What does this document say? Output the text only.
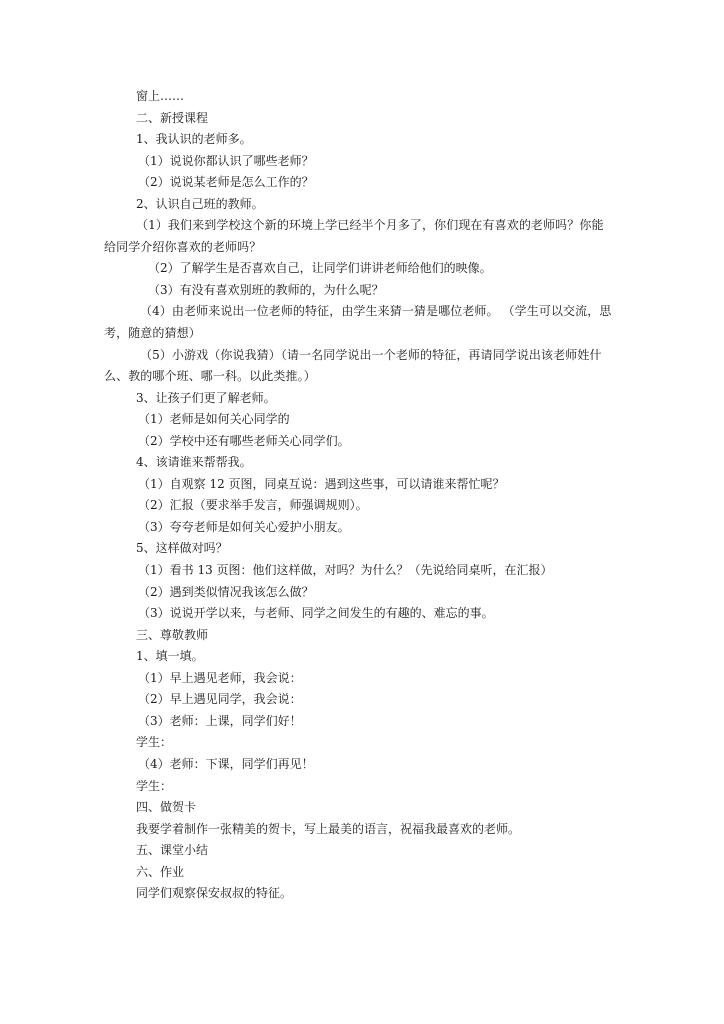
窗上……

二、新授课程

1、我认识的老师多。

（1）说说你都认识了哪些老师？

（2）说说某老师是怎么工作的？

2、认识自己班的教师。

（1）我们来到学校这个新的环境上学已经半个月多了，你们现在有喜欢的老师吗？你能给同学介绍你喜欢的老师吗？

（2）了解学生是否喜欢自己，让同学们讲讲老师给他们的映像。

（3）有没有喜欢别班的教师的，为什么呢？

（4）由老师来说出一位老师的特征，由学生来猜一猜是哪位老师。 （学生可以交流，思考，随意的猜想）

（5）小游戏（你说我猜）（请一名同学说出一个老师的特征，再请同学说出该老师姓什么、教的哪个班、哪一科。以此类推。）

3、让孩子们更了解老师。

（1）老师是如何关心同学的

（2）学校中还有哪些老师关心同学们。

4、该请谁来帮帮我。

（1）自观察 12 页图，同桌互说：遇到这些事，可以请谁来帮忙呢？

（2）汇报（要求举手发言，师强调规则）。

（3）夸夸老师是如何关心爱护小朋友。

5、这样做对吗？

（1）看书 13 页图：他们这样做，对吗？为什么？（先说给同桌听，在汇报）

（2）遇到类似情况我该怎么做？

（3）说说开学以来，与老师、同学之间发生的有趣的、难忘的事。

三、尊敬教师

1、填一填。

（1）早上遇见老师，我会说：

（2）早上遇见同学，我会说：

（3）老师：上课，同学们好！

学生：

（4）老师：下课，同学们再见！

学生：

四、做贺卡

我要学着制作一张精美的贺卡，写上最美的语言，祝福我最喜欢的老师。

五、课堂小结

六、作业

同学们观察保安叔叔的特征。
